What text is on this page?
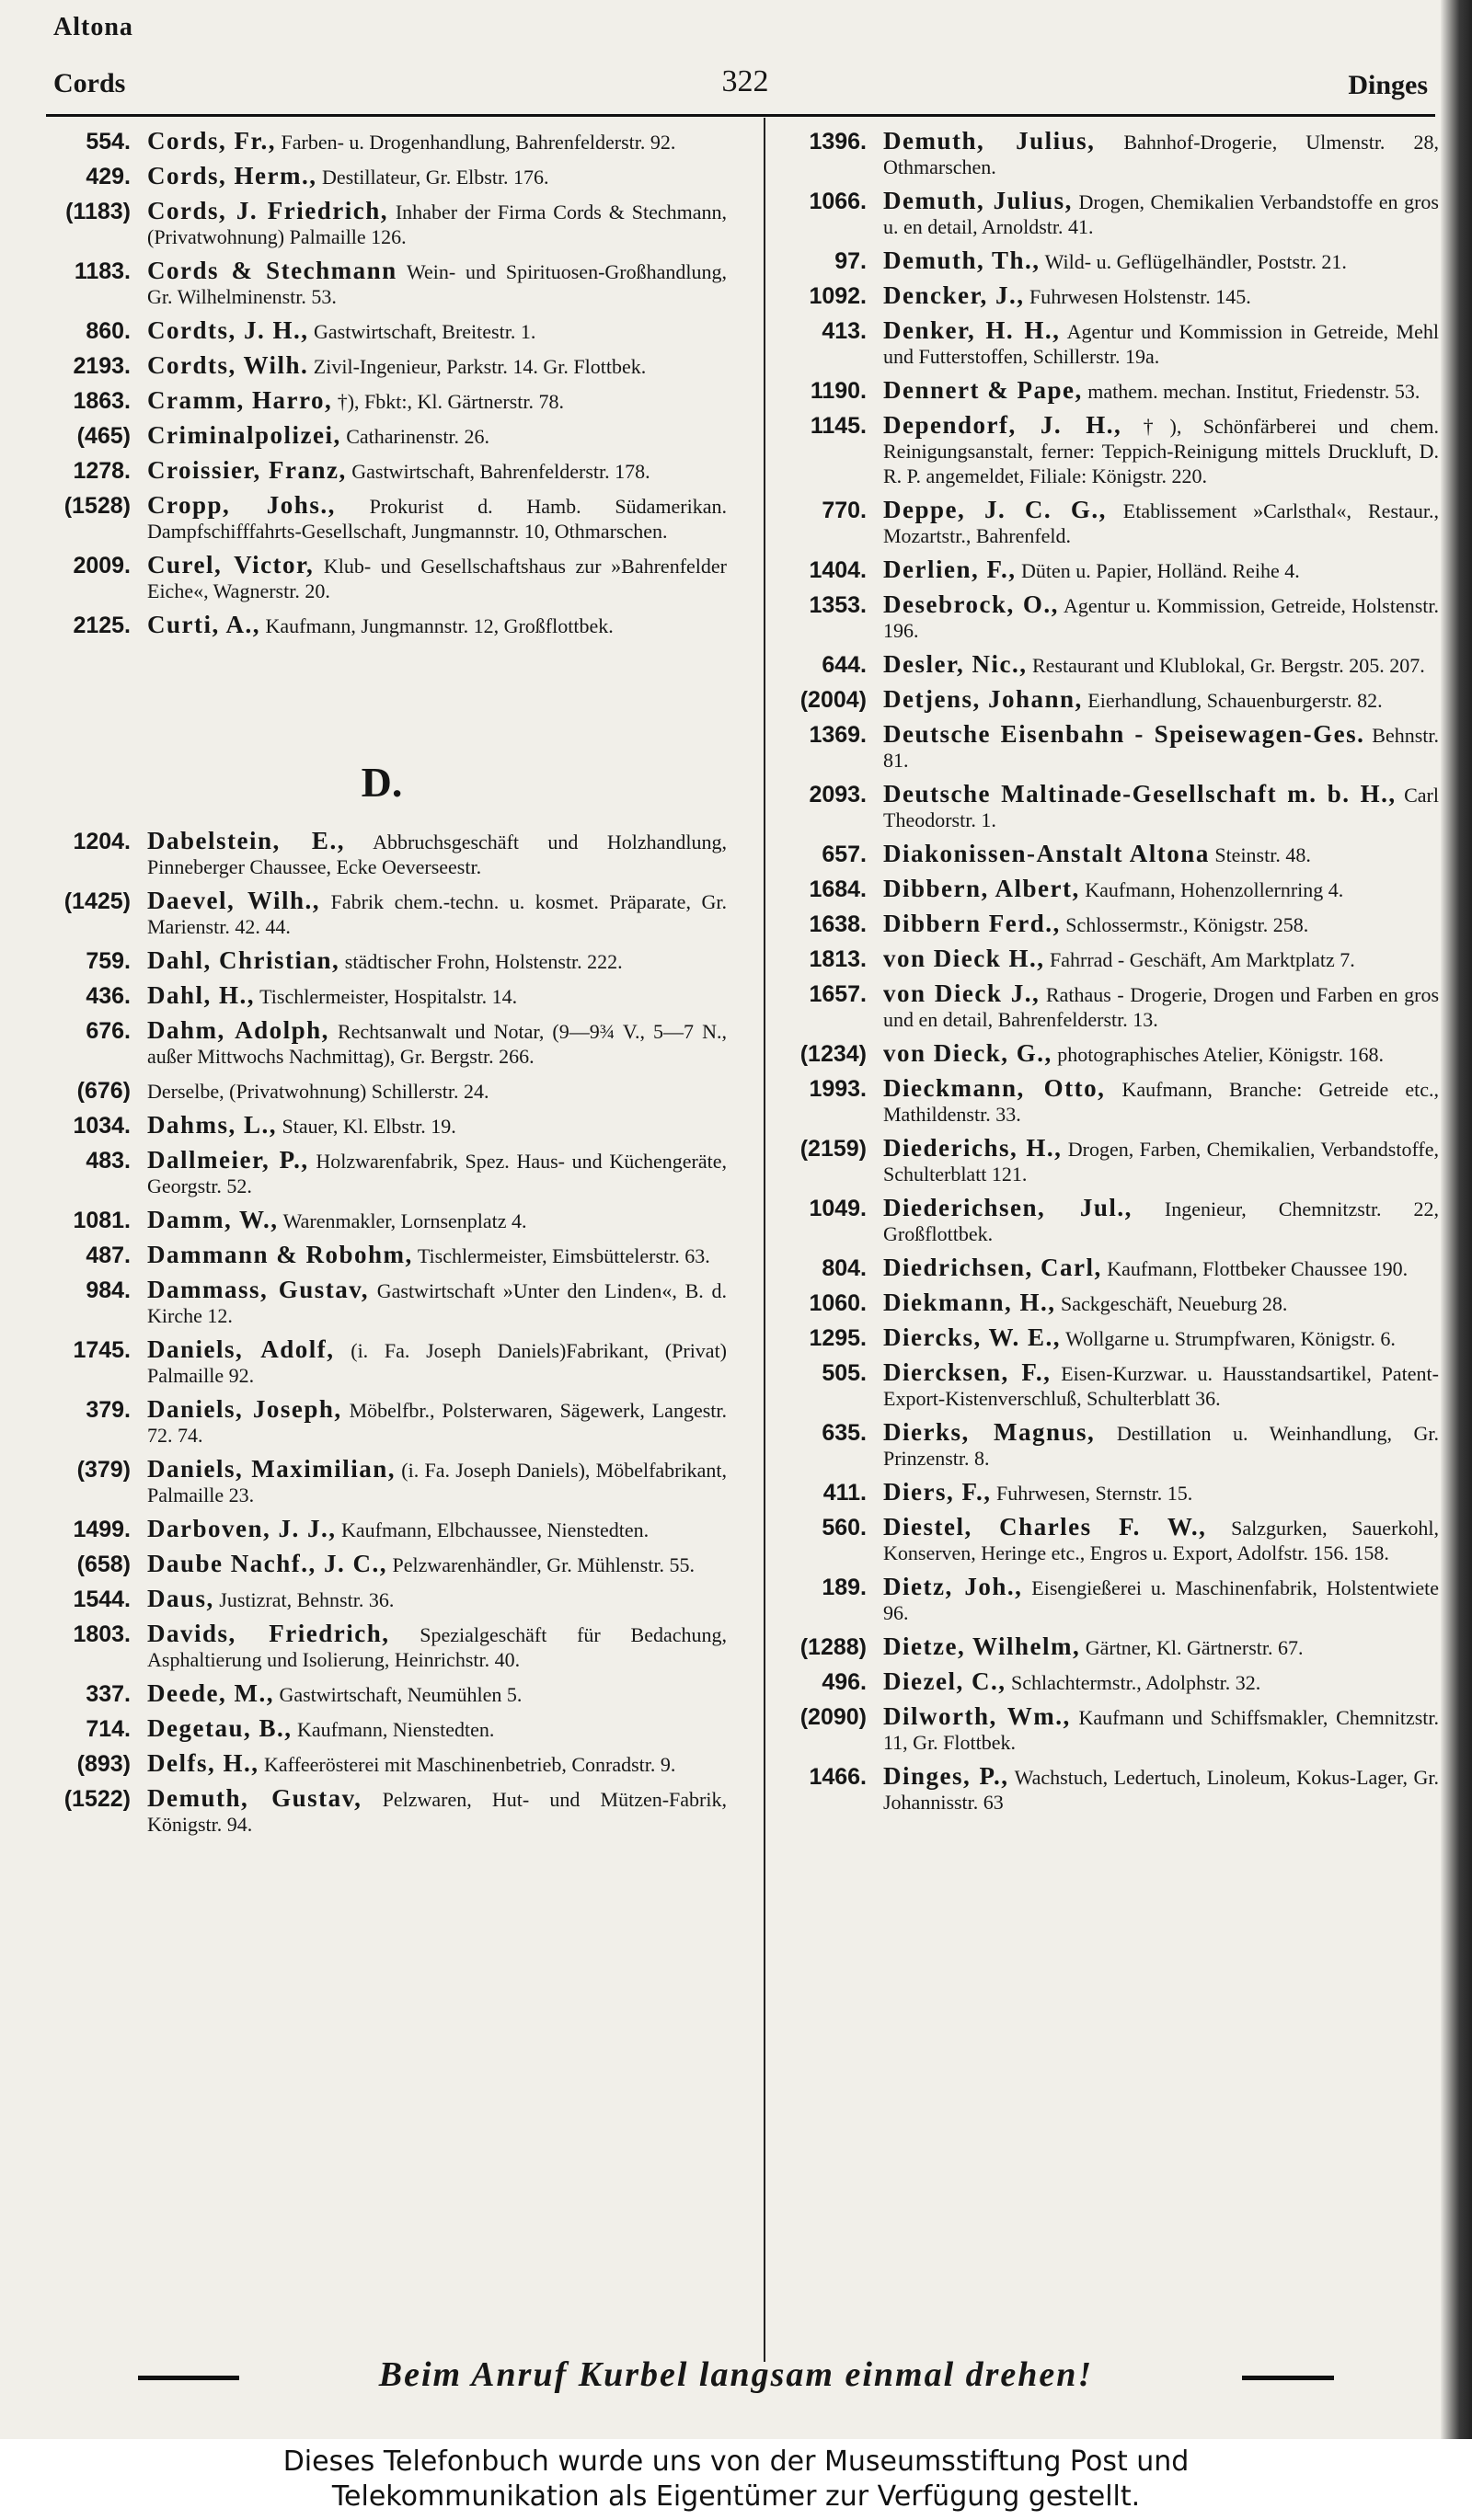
Altona
Cords	322	Dinges
554. Cords, Fr., Farben- u. Drogenhandlung, Bahrenfelderstr. 92.
429. Cords, Herm., Destillateur, Gr. Elbstr. 176.
(1183) Cords, J. Friedrich, Inhaber der Firma Cords & Stechmann, (Privatwohnung) Palmaille 126.
1183. Cords & Stechmann Wein- und Spirituosen-Großhandlung, Gr. Wilhelminenstr. 53.
860. Cordts, J. H., Gastwirtschaft, Breitestr. 1.
2193. Cordts, Wilh. Zivil-Ingenieur, Parkstr. 14. Gr. Flottbek.
1863. Cramm, Harro, †), Fbkt:, Kl. Gärtnerstr. 78.
(465) Criminalpolizei, Catharinenstr. 26.
1278. Croissier, Franz, Gastwirtschaft, Bahrenfelderstr. 178.
(1528) Cropp, Johs., Prokurist d. Hamb. Südamerikan. Dampfschifffahrts-Gesellschaft, Jungmannstr. 10, Othmarschen.
2009. Curel, Victor, Klub- und Gesellschaftshaus zur »Bahrenfelder Eiche«, Wagnerstr. 20.
2125. Curti, A., Kaufmann, Jungmannstr. 12, Großflottbek.
D.
1204. Dabelstein, E., Abbruchsgeschäft und Holzhandlung, Pinneberger Chaussee, Ecke Oeverseestr.
(1425) Daevel, Wilh., Fabrik chem.-techn. u. kosmet. Präparate, Gr. Marienstr. 42. 44.
759. Dahl, Christian, städtischer Frohn, Holstenstr. 222.
436. Dahl, H., Tischlermeister, Hospitalstr. 14.
676. Dahm, Adolph, Rechtsanwalt und Notar, (9—9¾ V., 5—7 N., außer Mittwochs Nachmittag), Gr. Bergstr. 266.
(676) Derselbe, (Privatwohnung) Schillerstr. 24.
1034. Dahms, L., Stauer, Kl. Elbstr. 19.
483. Dallmeier, P., Holzwarenfabrik, Spez. Haus- und Küchengeräte, Georgstr. 52.
1081. Damm, W., Warenmakler, Lornsenplatz 4.
487. Dammann & Robohm, Tischlermeister, Eimsbüttelerstr. 63.
984. Dammass, Gustav, Gastwirtschaft »Unter den Linden«, B. d. Kirche 12.
1745. Daniels, Adolf, (i. Fa. Joseph Daniels)Fabrikant, (Privat) Palmaille 92.
379. Daniels, Joseph, Möbelfbr., Polsterwaren, Sägewerk, Langestr. 72. 74.
(379) Daniels, Maximilian, (i. Fa. Joseph Daniels), Möbelfabrikant, Palmaille 23.
1499. Darboven, J. J., Kaufmann, Elbchaussee, Nienstedten.
(658) Daube Nachf., J. C., Pelzwarenhändler, Gr. Mühlenstr. 55.
1544. Daus, Justizrat, Behnstr. 36.
1803. Davids, Friedrich, Spezialgeschäft für Bedachung, Asphaltierung und Isolierung, Heinrichstr. 40.
337. Deede, M., Gastwirtschaft, Neumühlen 5.
714. Degetau, B., Kaufmann, Nienstedten.
(893) Delfs, H., Kaffeerösterei mit Maschinenbetrieb, Conradstr. 9.
(1522) Demuth, Gustav, Pelzwaren, Hut- und Mützen-Fabrik, Königstr. 94.
1396. Demuth, Julius, Bahnhof-Drogerie, Ulmenstr. 28, Othmarschen.
1066. Demuth, Julius, Drogen, Chemikalien Verbandstoffe en gros u. en detail, Arnoldstr. 41.
97. Demuth, Th., Wild- u. Geflügelhändler, Poststr. 21.
1092. Dencker, J., Fuhrwesen Holstenstr. 145.
413. Denker, H. H., Agentur und Kommission in Getreide, Mehl und Futterstoffen, Schillerstr. 19a.
1190. Dennert & Pape, mathem. mechan. Institut, Friedenstr. 53.
1145. Dependorf, J. H., †), Schönfärberei und chem. Reinigungsanstalt, ferner: Teppich-Reinigung mittels Druckluft, D. R. P. angemeldet, Filiale: Königstr. 220.
770. Deppe, J. C. G., Etablissement »Carlsthal«, Restaur., Mozartstr., Bahrenfeld.
1404. Derlien, F., Düten u. Papier, Holländ. Reihe 4.
1353. Desebrock, O., Agentur u. Kommission, Getreide, Holstenstr. 196.
644. Desler, Nic., Restaurant und Klublokal, Gr. Bergstr. 205. 207.
(2004) Detjens, Johann, Eierhandlung, Schauenburgerstr. 82.
1369. Deutsche Eisenbahn - Speisewagen-Ges. Behnstr. 81.
2093. Deutsche Maltinade-Gesellschaft m. b. H., Carl Theodorstr. 1.
657. Diakonissen-Anstalt Altona Steinstr. 48.
1684. Dibbern, Albert, Kaufmann, Hohenzollernring 4.
1638. Dibbern Ferd., Schlossermstr., Königstr. 258.
1813. von Dieck H., Fahrrad - Geschäft, Am Marktplatz 7.
1657. von Dieck J., Rathaus - Drogerie, Drogen und Farben en gros und en detail, Bahrenfelderstr. 13.
(1234) von Dieck, G., photographisches Atelier, Königstr. 168.
1993. Dieckmann, Otto, Kaufmann, Branche: Getreide etc., Mathildenstr. 33.
(2159) Diederichs, H., Drogen, Farben, Chemikalien, Verbandstoffe, Schulterblatt 121.
1049. Diederichsen, Jul., Ingenieur, Chemnitzstr. 22, Großflottbek.
804. Diedrichsen, Carl, Kaufmann, Flottbeker Chaussee 190.
1060. Diekmann, H., Sackgeschäft, Neueburg 28.
1295. Diercks, W. E., Wollgarne u. Strumpfwaren, Königstr. 6.
505. Diercksen, F., Eisen-Kurzwar. u. Hausstandsartikel, Patent-Export-Kistenverschluß, Schulterblatt 36.
635. Dierks, Magnus, Destillation u. Weinhandlung, Gr. Prinzenstr. 8.
411. Diers, F., Fuhrwesen, Sternstr. 15.
560. Diestel, Charles F. W., Salzgurken, Sauerkohl, Konserven, Heringe etc., Engros u. Export, Adolfstr. 156. 158.
189. Dietz, Joh., Eisengießerei u. Maschinenfabrik, Holstentwiete 96.
(1288) Dietze, Wilhelm, Gärtner, Kl. Gärtnerstr. 67.
496. Diezel, C., Schlachtermstr., Adolphstr. 32.
(2090) Dilworth, Wm., Kaufmann und Schiffsmakler, Chemnitzstr. 11, Gr. Flottbek.
1466. Dinges, P., Wachstuch, Ledertuch, Linoleum, Kokus-Lager, Gr. Johannisstr. 63
Beim Anruf Kurbel langsam einmal drehen!
Dieses Telefonbuch wurde uns von der Museumsstiftung Post und
Telekommunikation als Eigentümer zur Verfügung gestellt.
